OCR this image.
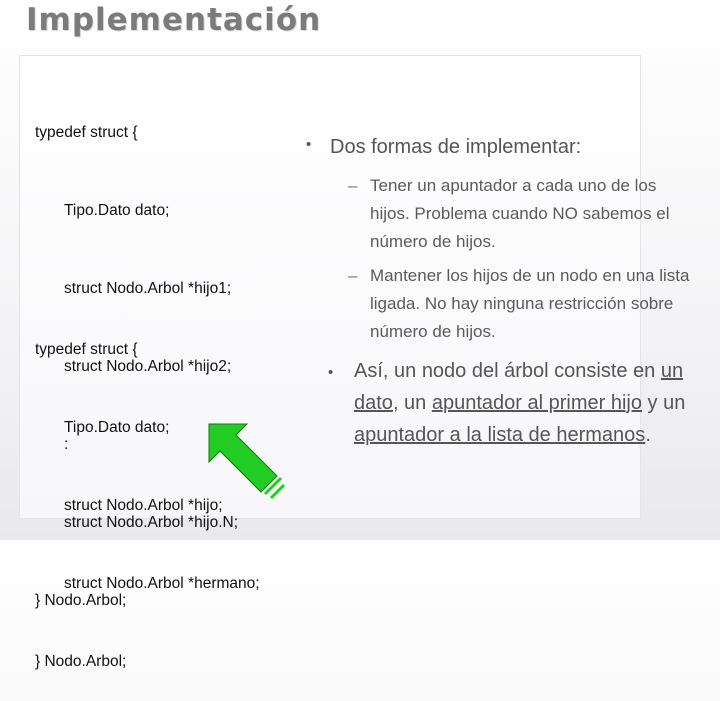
Implementación

typedef struct {

Tipo.Dato dato;

struct Nodo.Arbol *hijo1;

struct Nodo.Arbol *hijo2;

:

struct Nodo.Arbol *hijo.N;

} Nodo.Arbol;

typedef struct {

Tipo.Dato dato;

struct Nodo.Arbol *hijo;

struct Nodo.Arbol *hermano;

} Nodo.Arbol;

• Dos formas de implementar:
– Tener un apuntador a cada uno de los hijos. Problema cuando NO sabemos el número de hijos.
– Mantener los hijos de un nodo en una lista ligada. No hay ninguna restricción sobre número de hijos.
• Así, un nodo del árbol consiste en un dato, un apuntador al primer hijo y un apuntador a la lista de hermanos.
